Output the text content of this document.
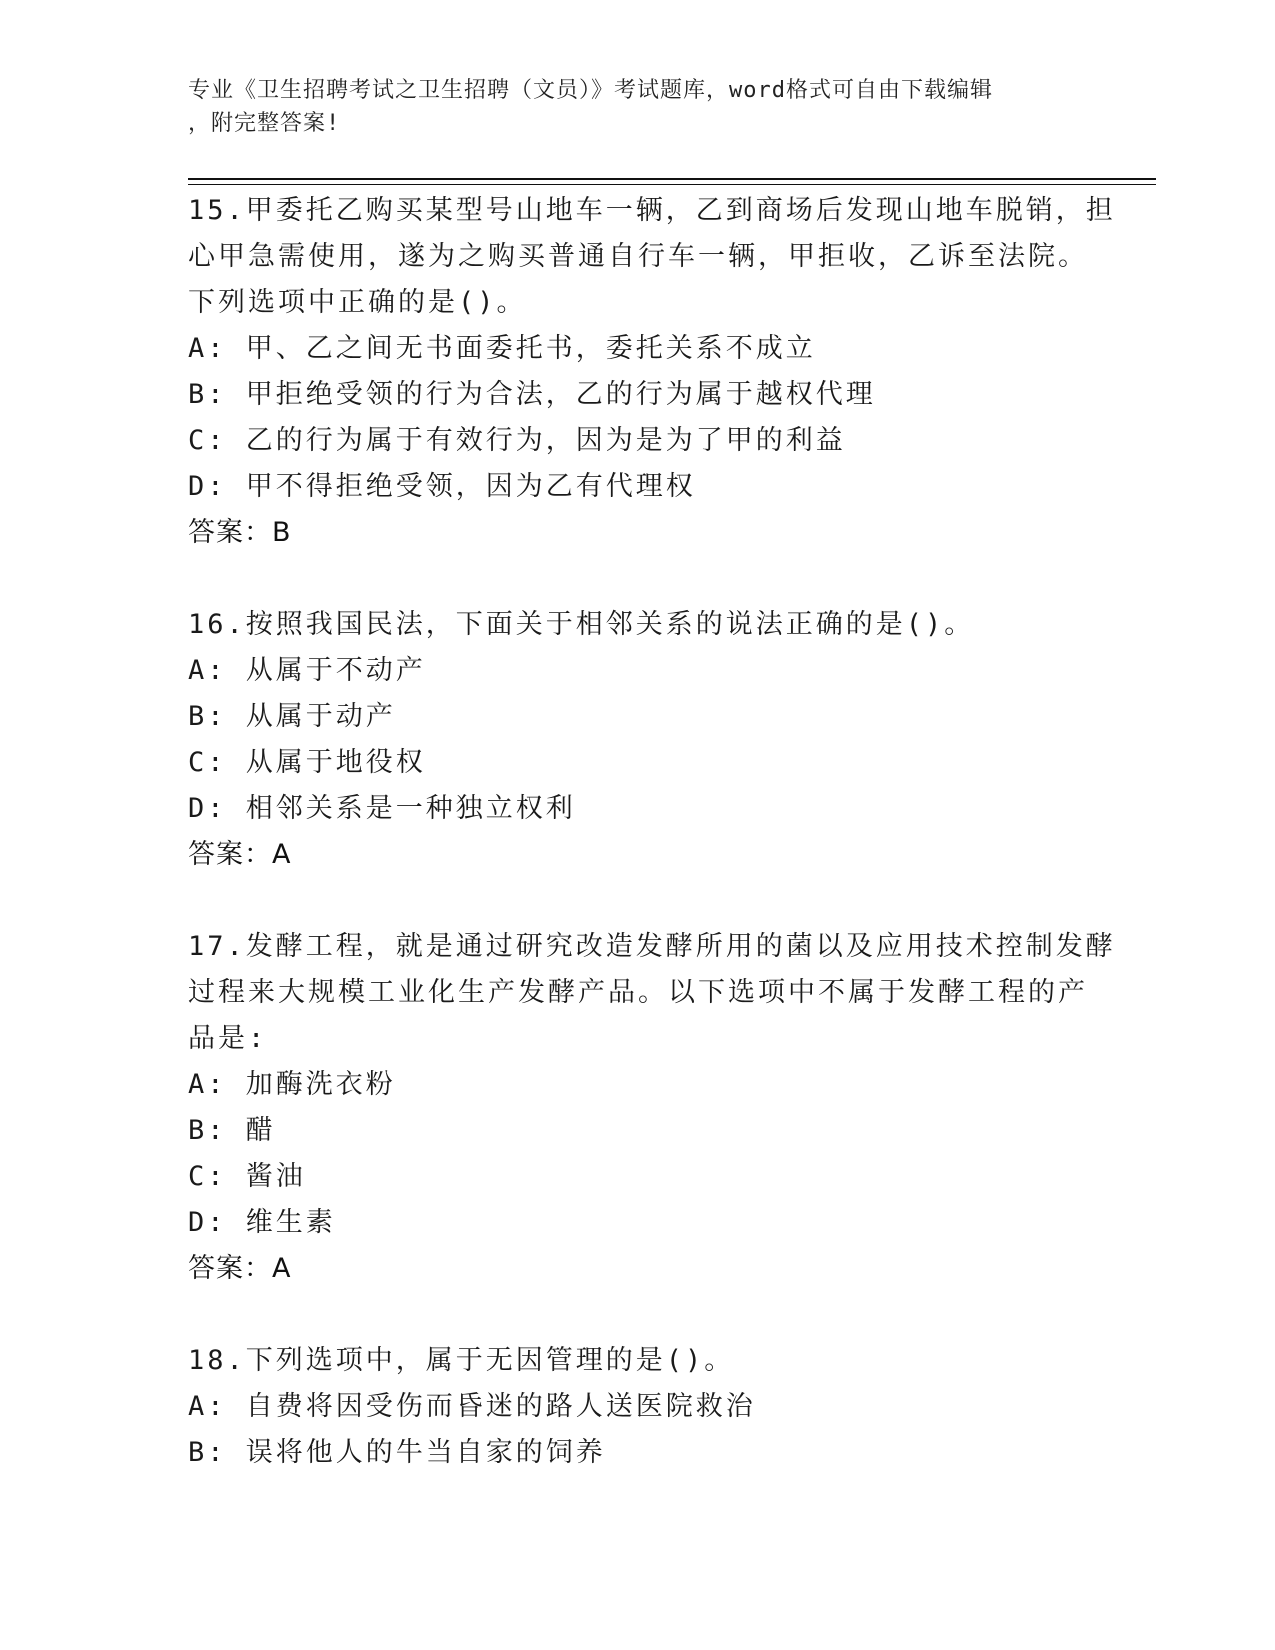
专业《卫生招聘考试之卫生招聘（文员）》考试题库，word格式可自由下载编辑
，附完整答案!
15.甲委托乙购买某型号山地车一辆，乙到商场后发现山地车脱销，担
心甲急需使用，遂为之购买普通自行车一辆，甲拒收，乙诉至法院。
下列选项中正确的是()。
A: 甲、乙之间无书面委托书，委托关系不成立
B: 甲拒绝受领的行为合法，乙的行为属于越权代理
C: 乙的行为属于有效行为，因为是为了甲的利益
D: 甲不得拒绝受领，因为乙有代理权
答案：B
16.按照我国民法，下面关于相邻关系的说法正确的是()。
A: 从属于不动产
B: 从属于动产
C: 从属于地役权
D: 相邻关系是一种独立权利
答案：A
17.发酵工程，就是通过研究改造发酵所用的菌以及应用技术控制发酵
过程来大规模工业化生产发酵产品。以下选项中不属于发酵工程的产
品是:
A: 加酶洗衣粉
B: 醋
C: 酱油
D: 维生素
答案：A
18.下列选项中，属于无因管理的是()。
A: 自费将因受伤而昏迷的路人送医院救治
B: 误将他人的牛当自家的饲养
